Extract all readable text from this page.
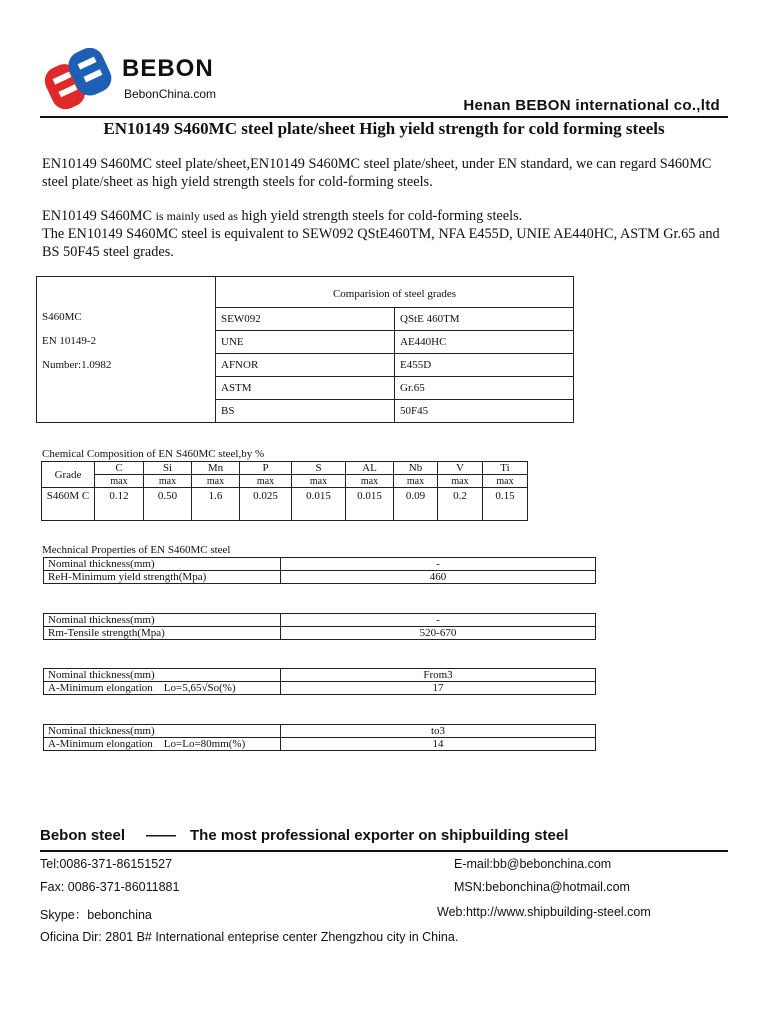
BEBON
BebonChina.com
Henan BEBON international co.,ltd
EN10149 S460MC steel plate/sheet High yield strength for cold forming steels
EN10149 S460MC steel plate/sheet,EN10149 S460MC steel plate/sheet, under EN standard, we can regard S460MC steel plate/sheet as high yield strength steels for cold-forming steels.
EN10149 S460MC is mainly used as high yield strength steels for cold-forming steels.
The EN10149 S460MC steel is equivalent to SEW092 QStE460TM, NFA E455D, UNIE AE440HC, ASTM Gr.65 and BS 50F45 steel grades.
S460MC
EN 10149-2
Number:1.0982	Comparision of steel grades	
	SEW092	QStE 460TM
	UNE	AE440HC
	AFNOR	E455D
	ASTM	Gr.65
	BS	50F45
Chemical Composition of EN S460MC steel,by %
Grade	C	Si	Mn	P	S	AL	Nb	V	Ti
	max	max	max	max	max	max	max	max	max
S460M C	0.12	0.50	1.6	0.025	0.015	0.015	0.09	0.2	0.15
Mechnical Properties of EN S460MC steel
Nominal thickness(mm)	-
ReH-Minimum yield strength(Mpa)	460
Nominal thickness(mm)	-
Rm-Tensile strength(Mpa)	520-670
Nominal thickness(mm)	From3
A-Minimum elongation    Lo=5,65√So(%)	17
Nominal thickness(mm)	to3
A-Minimum elongation    Lo=Lo=80mm(%)	14
Bebon steel —— The most professional exporter on shipbuilding steel
Tel:0086-371-86151527	E-mail:bb@bebonchina.com
Fax: 0086-371-86011881	MSN:bebonchina@hotmail.com
Skype：bebonchina	Web:http://www.shipbuilding-steel.com
Oficina Dir: 2801 B# International enteprise center Zhengzhou city in China.
